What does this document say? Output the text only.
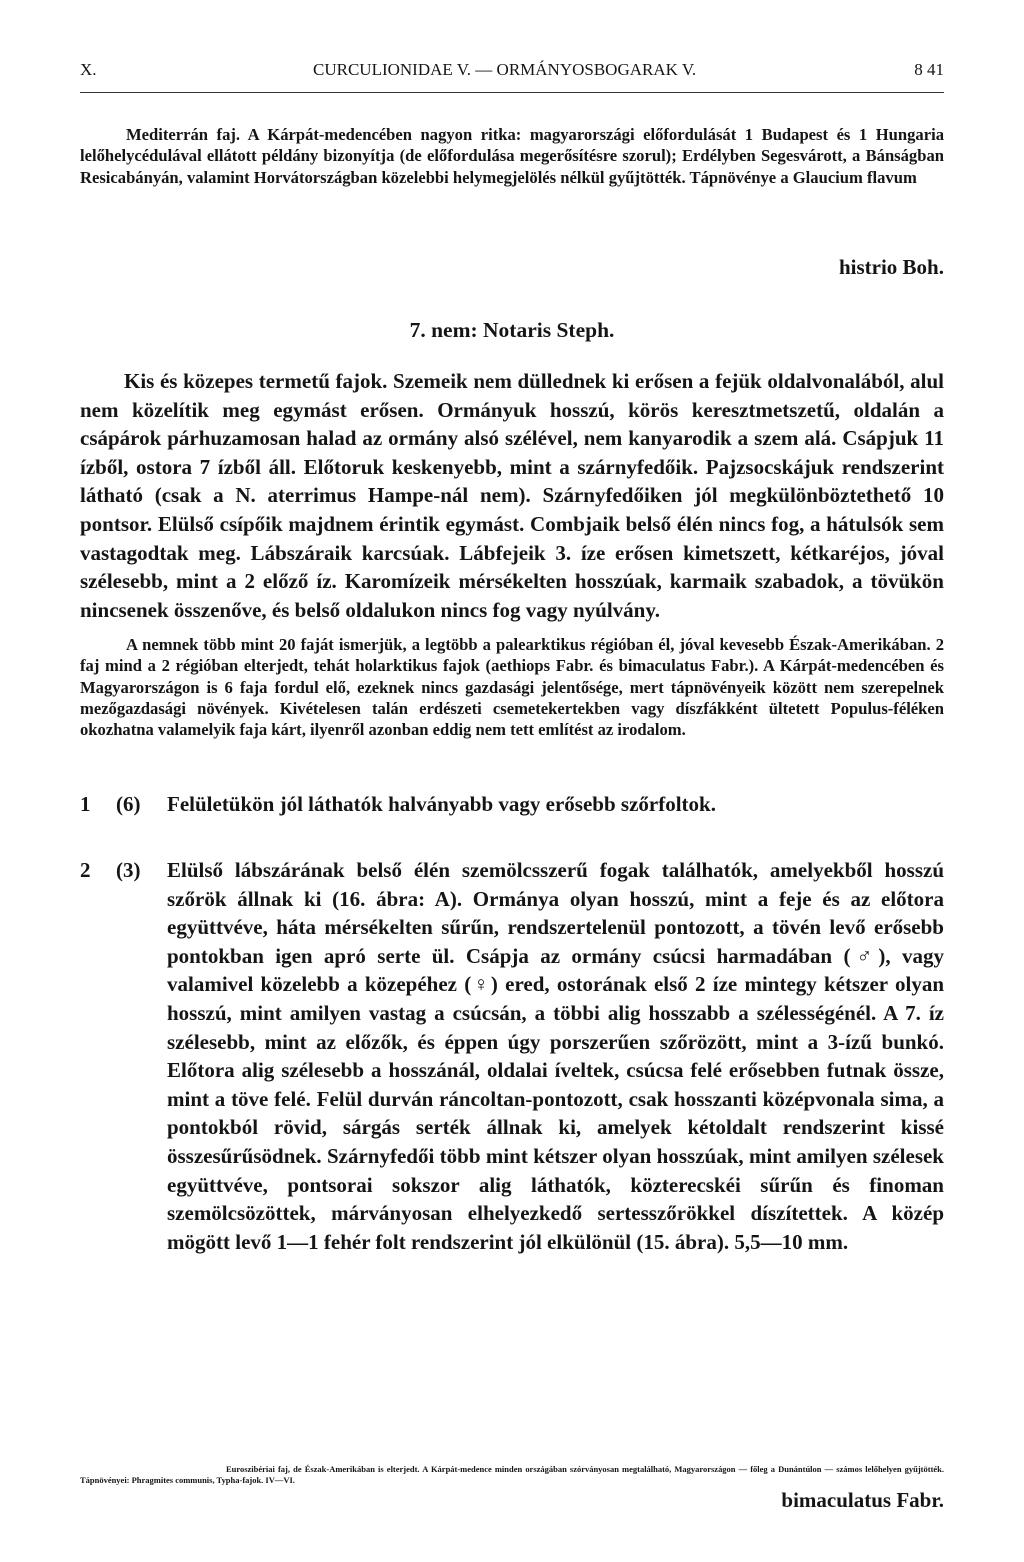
X.	CURCULIONIDAE V. — ORMÁNYOSBOGARAK V.	8 41

Mediterrán faj. A Kárpát-medencében nagyon ritka: magyarországi előfordulását 1 Budapest és 1 Hungaria lelőhelycédulával ellátott példány bizonyítja (de előfordulása megerősítésre szorul); Erdélyben Segesvárott, a Bánságban Resicabányán, valamint Horvátországban közelebbi helymegjelölés nélkül gyűjtötték. Tápnövénye a Glaucium flavum

histrio Boh.
7. nem: Notaris Steph.

Kis és közepes termetű fajok. Szemeik nem düllednek ki erősen a fejük oldalvonalából, alul nem közelítik meg egymást erősen. Ormányuk hosszú, körös keresztmetszetű, oldalán a csápárok párhuzamosan halad az ormány alsó szélével, nem kanyarodik a szem alá. Csápjuk 11 ízből, ostora 7 ízből áll. Előtoruk keskenyebb, mint a szárnyfedőik. Pajzsocskájuk rendszerint látható (csak a N. aterrimus Hampe-nál nem). Szárnyfedőiken jól megkülönböztethető 10 pontsor. Elülső csípőik majdnem érintik egymást. Combjaik belső élén nincs fog, a hátulsók sem vastagodtak meg. Lábszáraik karcsúak. Lábfejeik 3. íze erősen kimetszett, kétkaréjos, jóval szélesebb, mint a 2 előző íz. Karomízeik mérsékelten hosszúak, karmaik szabadok, a tövükön nincsenek összenőve, és belső oldalukon nincs fog vagy nyúlvány.

A nemnek több mint 20 faját ismerjük, a legtöbb a palearktikus régióban él, jóval kevesebb Észak-Amerikában. 2 faj mind a 2 régióban elterjedt, tehát holarktikus fajok (aethiops Fabr. és bimaculatus Fabr.). A Kárpát-medencében és Magyarországon is 6 faja fordul elő, ezeknek nincs gazdasági jelentősége, mert tápnövényeik között nem szerepelnek mezőgazdasági növények. Kivételesen talán erdészeti csemetekertekben vagy díszfákként ültetett Populus-féléken okozhatna valamelyik faja kárt, ilyenről azonban eddig nem tett említést az irodalom.

1	(6) Felületükön jól láthatók halványabb vagy erősebb szőrfoltok.
2	(3) Elülső lábszárának belső élén szemölcsszerű fogak találhatók, amelyekből hosszú szőrök állnak ki (16. ábra: A). Ormánya olyan hosszú, mint a feje és az előtora együttvéve, háta mérsékelten sűrűn, rendszertelenül pontozott, a tövén levő erősebb pontokban igen apró serte ül. Csápja az ormány csúcsi harmadában (♂), vagy valamivel közelebb a közepéhez (♀) ered, ostorának első 2 íze mintegy kétszer olyan hosszú, mint amilyen vastag a csúcsán, a többi alig hosszabb a szélességénél. A 7. íz szélesebb, mint az előzők, és éppen úgy porszerűen szőrözött, mint a 3-ízű bunkó. Előtora alig szélesebb a hosszánál, oldalai íveltek, csúcsa felé erősebben futnak össze, mint a töve felé. Felül durván ráncoltan-pontozott, csak hosszanti középvonala sima, a pontokból rövid, sárgás serték állnak ki, amelyek kétoldalt rendszerint kissé összesűrűsödnek. Szárnyfedői több mint kétszer olyan hosszúak, mint amilyen szélesek együttvéve, pontsorai sokszor alig láthatók, közterecskéi sűrűn és finoman szemölcsözöttek, márványosan elhelyezkedő sertesszőrökkel díszítettek. A közép mögött levő 1—1 fehér folt rendszerint jól elkülönül (15. ábra). 5,5—10 mm.

Euroszibériai faj, de Észak-Amerikában is elterjedt. A Kárpát-medence minden országában szórványosan megtalálható, Magyarországon — főleg a Dunántúlon — számos lelőhelyen gyűjtötték. Tápnövényei: Phragmites communis, Typha-fajok. IV—VI.

bimaculatus Fabr.
